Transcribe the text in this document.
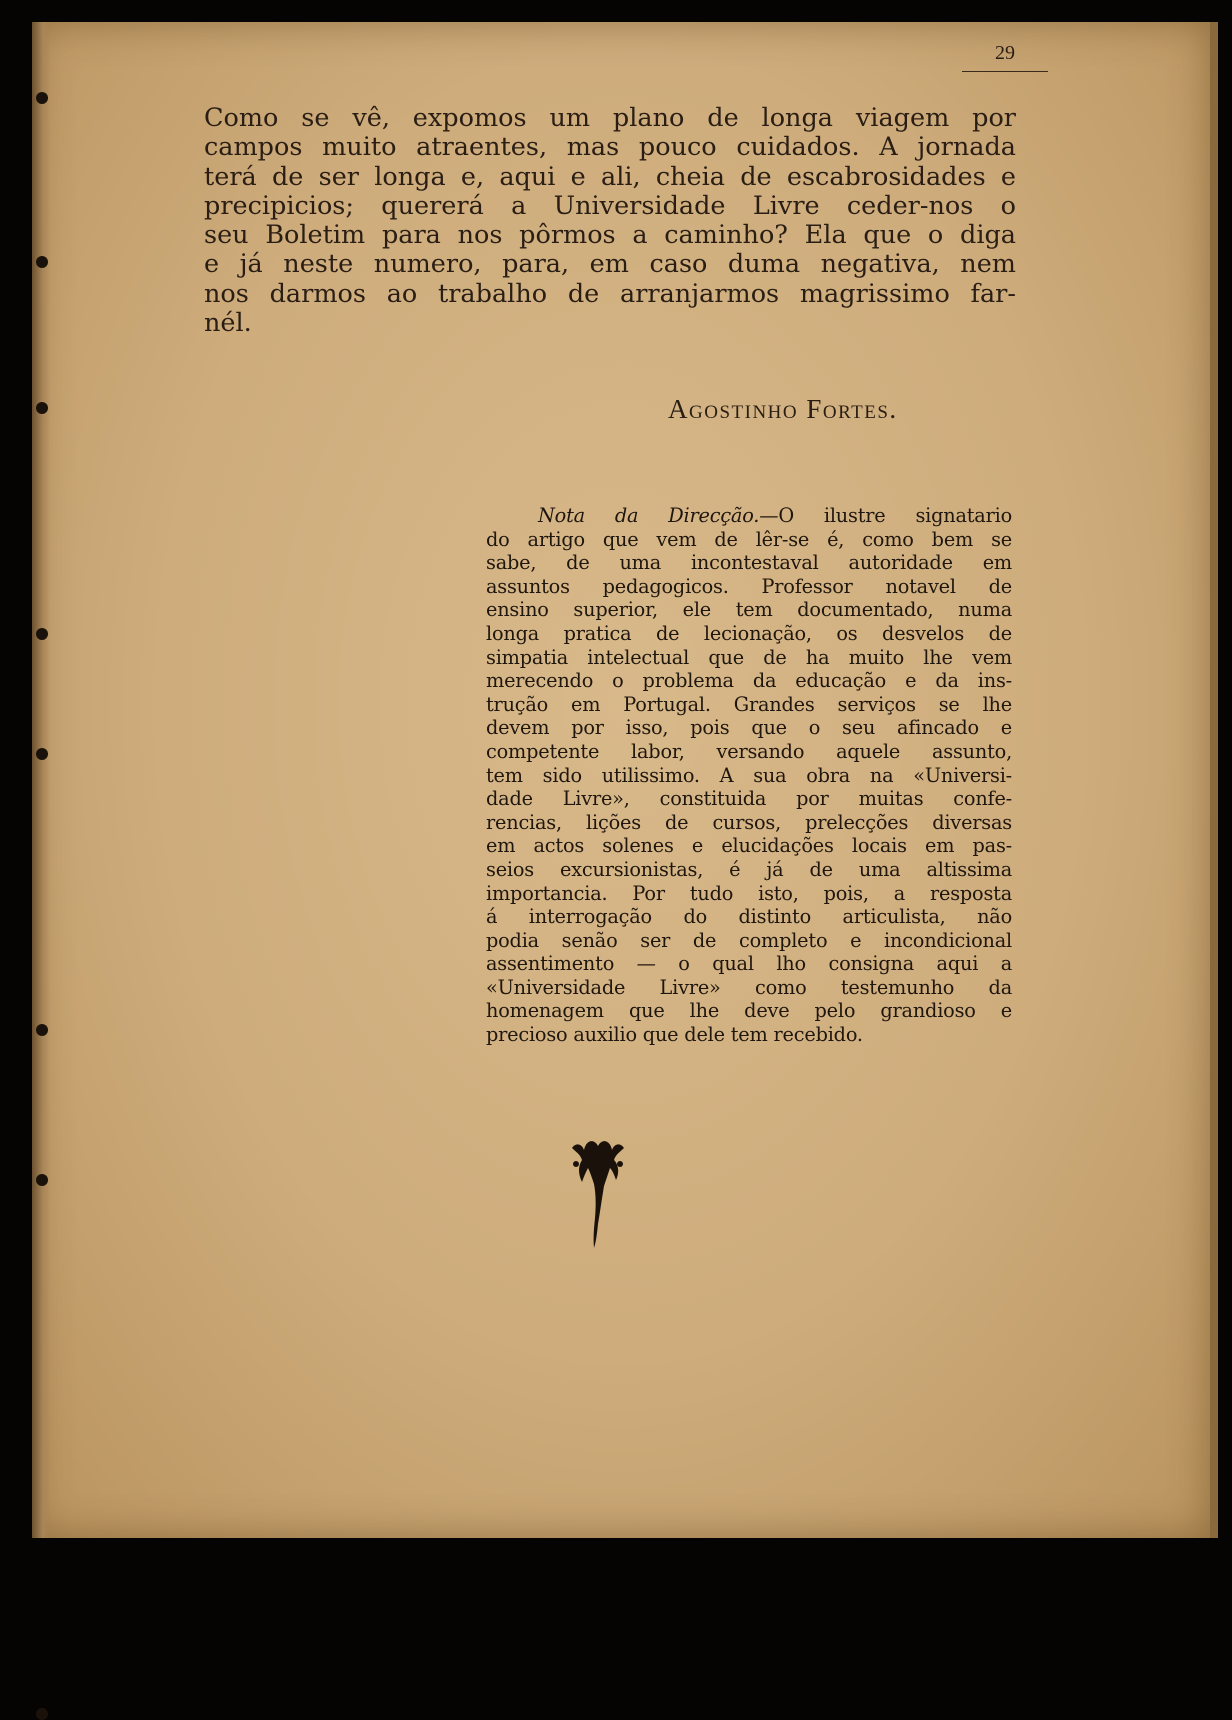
29

Como se vê, expomos um plano de longa viagem por
campos muito atraentes, mas pouco cuidados. A jornada
terá de ser longa e, aqui e ali, cheia de escabrosidades e
precipicios; quererá a Universidade Livre ceder-nos o
seu Boletim para nos pôrmos a caminho? Ela que o diga
e já neste numero, para, em caso duma negativa, nem
nos darmos ao trabalho de arranjarmos magrissimo far-
nél.

Agostinho Fortes.

Nota da Direcção.—O ilustre signatario
do artigo que vem de lêr-se é, como bem se
sabe, de uma incontestaval autoridade em
assuntos pedagogicos. Professor notavel de
ensino superior, ele tem documentado, numa
longa pratica de lecionação, os desvelos de
simpatia intelectual que de ha muito lhe vem
merecendo o problema da educação e da ins-
trução em Portugal. Grandes serviços se lhe
devem por isso, pois que o seu afincado e
competente labor, versando aquele assunto,
tem sido utilissimo. A sua obra na «Universi-
dade Livre», constituida por muitas confe-
rencias, lições de cursos, prelecções diversas
em actos solenes e elucidações locais em pas-
seios excursionistas, é já de uma altissima
importancia. Por tudo isto, pois, a resposta
á interrogação do distinto articulista, não
podia senão ser de completo e incondicional
assentimento — o qual lho consigna aqui a
«Universidade Livre» como testemunho da
homenagem que lhe deve pelo grandioso e
precioso auxilio que dele tem recebido.
